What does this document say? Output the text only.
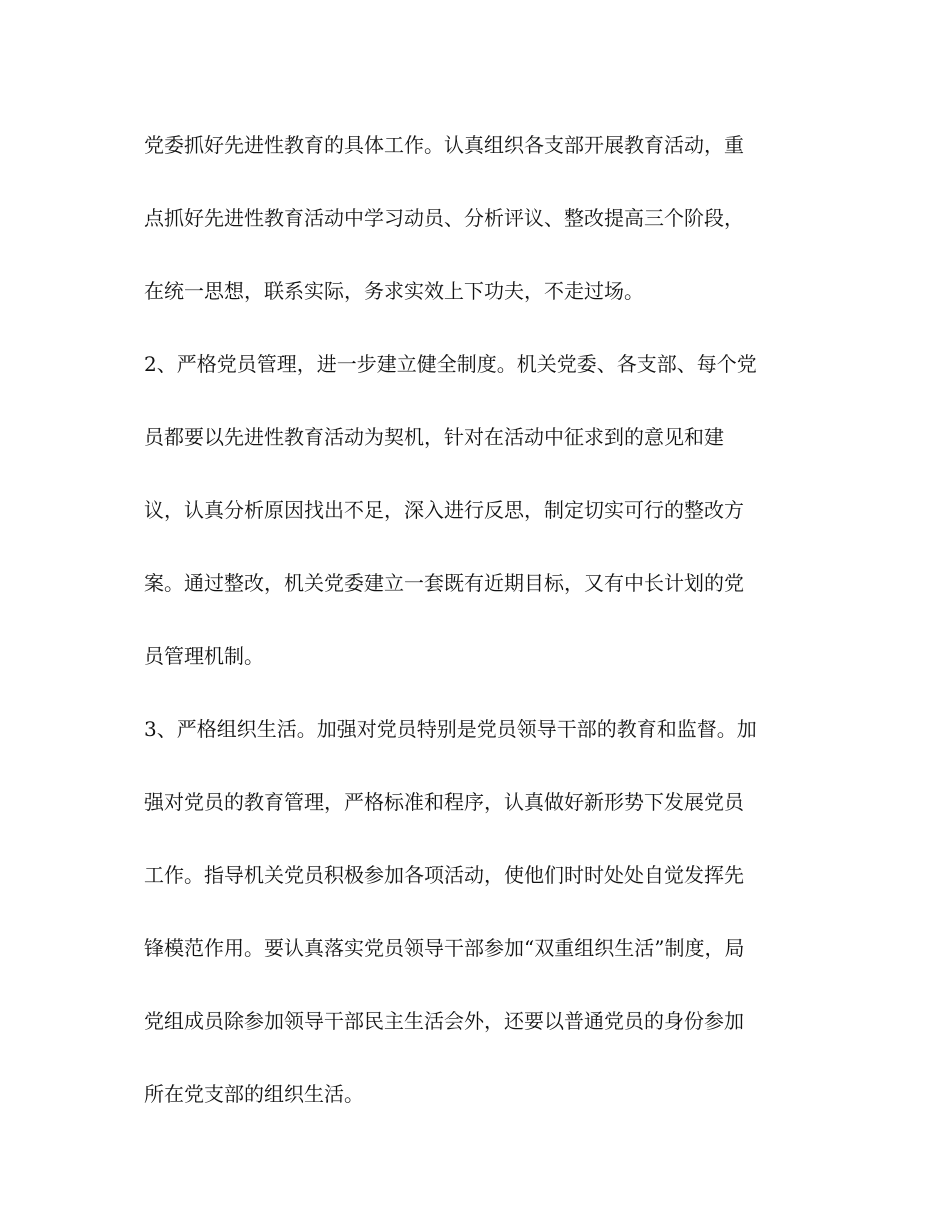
党委抓好先进性教育的具体工作。认真组织各支部开展教育活动，重
点抓好先进性教育活动中学习动员、分析评议、整改提高三个阶段，
在统一思想，联系实际，务求实效上下功夫，不走过场。
2、严格党员管理，进一步建立健全制度。机关党委、各支部、每个党
员都要以先进性教育活动为契机，针对在活动中征求到的意见和建
议，认真分析原因找出不足，深入进行反思，制定切实可行的整改方
案。通过整改，机关党委建立一套既有近期目标，又有中长计划的党
员管理机制。
3、严格组织生活。加强对党员特别是党员领导干部的教育和监督。加
强对党员的教育管理，严格标准和程序，认真做好新形势下发展党员
工作。指导机关党员积极参加各项活动，使他们时时处处自觉发挥先
锋模范作用。要认真落实党员领导干部参加“双重组织生活”制度，局
党组成员除参加领导干部民主生活会外，还要以普通党员的身份参加
所在党支部的组织生活。
